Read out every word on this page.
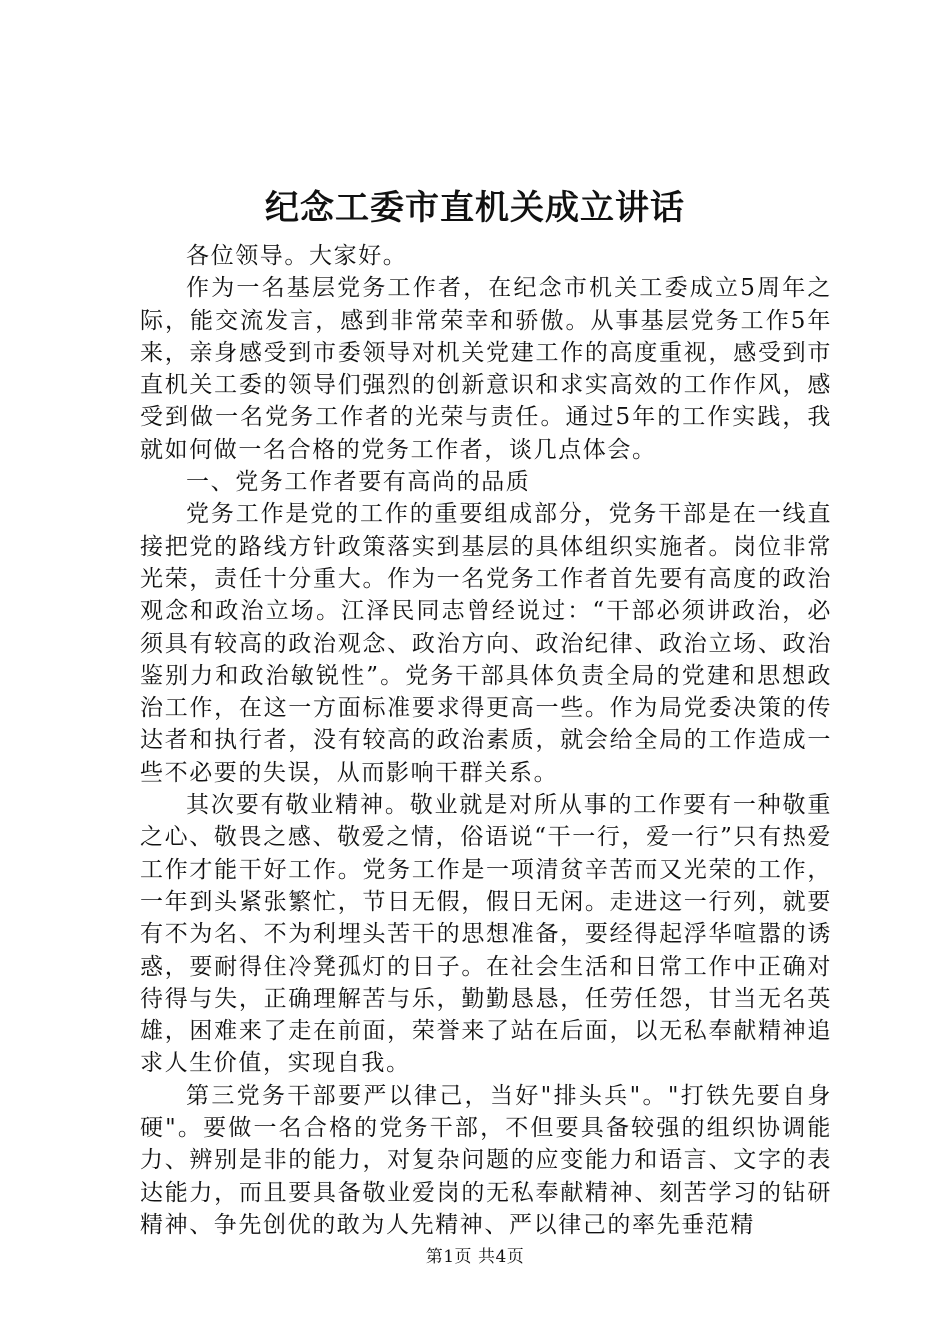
纪念工委市直机关成立讲话

各位领导。大家好。

作为一名基层党务工作者，在纪念市机关工委成立5周年之际，能交流发言，感到非常荣幸和骄傲。从事基层党务工作5年来，亲身感受到市委领导对机关党建工作的高度重视，感受到市直机关工委的领导们强烈的创新意识和求实高效的工作作风，感受到做一名党务工作者的光荣与责任。通过5年的工作实践，我就如何做一名合格的党务工作者，谈几点体会。

一、党务工作者要有高尚的品质

党务工作是党的工作的重要组成部分，党务干部是在一线直接把党的路线方针政策落实到基层的具体组织实施者。岗位非常光荣，责任十分重大。作为一名党务工作者首先要有高度的政治观念和政治立场。江泽民同志曾经说过：“干部必须讲政治，必须具有较高的政治观念、政治方向、政治纪律、政治立场、政治鉴别力和政治敏锐性”。党务干部具体负责全局的党建和思想政治工作，在这一方面标准要求得更高一些。作为局党委决策的传达者和执行者，没有较高的政治素质，就会给全局的工作造成一些不必要的失误，从而影响干群关系。

其次要有敬业精神。敬业就是对所从事的工作要有一种敬重之心、敬畏之感、敬爱之情，俗语说“干一行，爱一行”只有热爱工作才能干好工作。党务工作是一项清贫辛苦而又光荣的工作，一年到头紧张繁忙，节日无假，假日无闲。走进这一行列，就要有不为名、不为利埋头苦干的思想准备，要经得起浮华喧嚣的诱惑，要耐得住冷凳孤灯的日子。在社会生活和日常工作中正确对待得与失，正确理解苦与乐，勤勤恳恳，任劳任怨，甘当无名英雄，困难来了走在前面，荣誉来了站在后面，以无私奉献精神追求人生价值，实现自我。

第三党务干部要严以律己，当好"排头兵"。"打铁先要自身硬"。要做一名合格的党务干部，不但要具备较强的组织协调能力、辨别是非的能力，对复杂问题的应变能力和语言、文字的表达能力，而且要具备敬业爱岗的无私奉献精神、刻苦学习的钻研精神、争先创优的敢为人先精神、严以律己的率先垂范精

第1页 共4页
